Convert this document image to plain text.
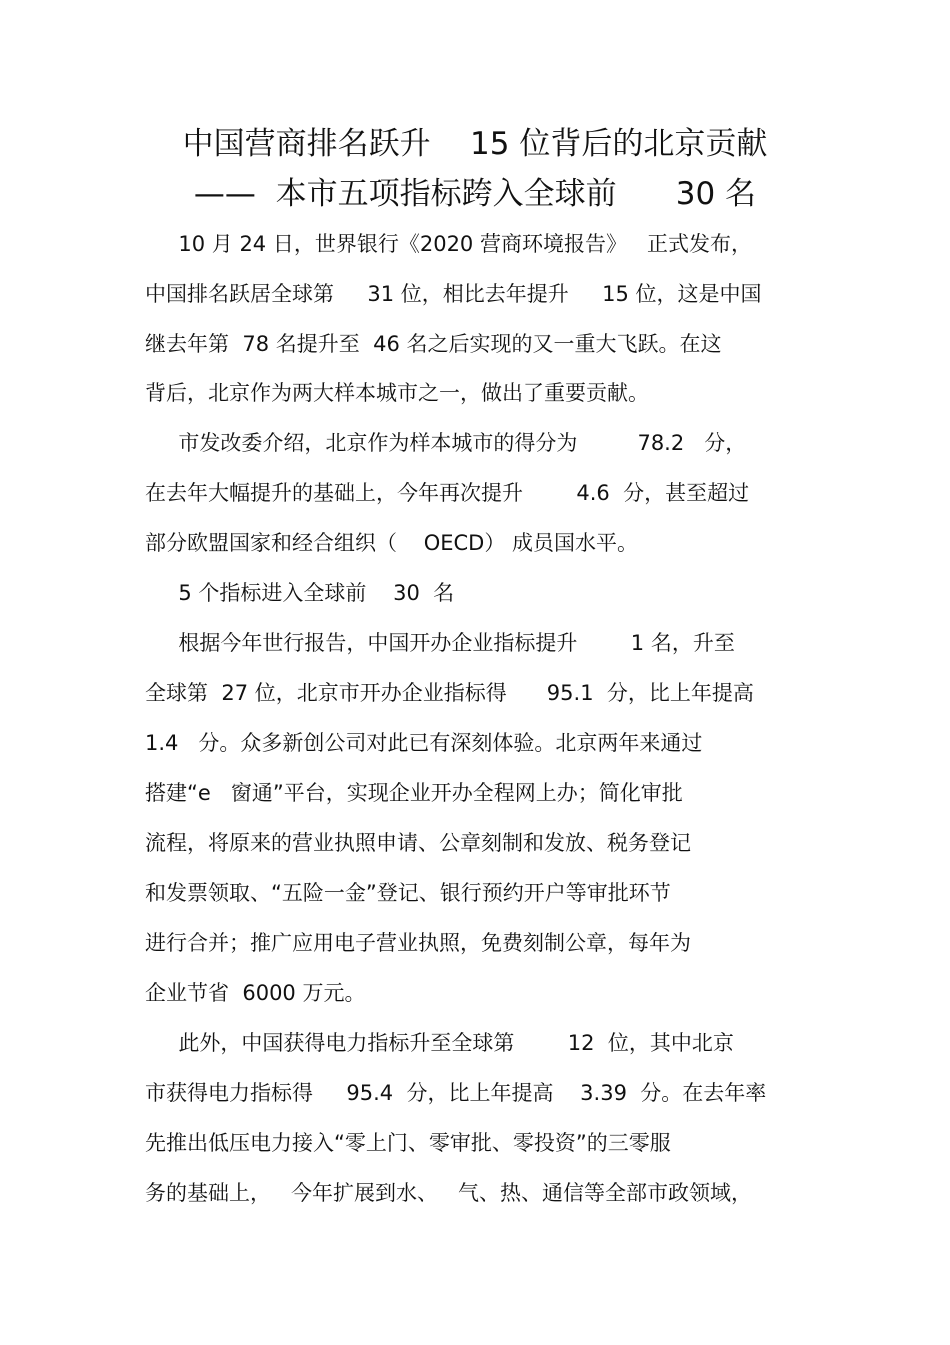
中国营商排名跃升    15 位背后的北京贡献
——  本市五项指标跨入全球前      30 名
10 月 24 日，世界银行《2020 营商环境报告》   正式发布，
中国排名跃居全球第     31 位，相比去年提升     15 位，这是中国
继去年第  78 名提升至  46 名之后实现的又一重大飞跃。在这
背后，北京作为两大样本城市之一，做出了重要贡献。
市发改委介绍，北京作为样本城市的得分为         78.2   分，
在去年大幅提升的基础上，今年再次提升        4.6  分，甚至超过
部分欧盟国家和经合组织（    OECD） 成员国水平。
5 个指标进入全球前    30  名
根据今年世行报告，中国开办企业指标提升        1 名，升至
全球第  27 位，北京市开办企业指标得      95.1  分，比上年提高
1.4   分。众多新创公司对此已有深刻体验。北京两年来通过
搭建“e   窗通”平台，实现企业开办全程网上办；简化审批
流程，将原来的营业执照申请、公章刻制和发放、税务登记
和发票领取、“五险一金”登记、银行预约开户等审批环节
进行合并；推广应用电子营业执照，免费刻制公章，每年为
企业节省  6000 万元。
此外，中国获得电力指标升至全球第        12  位，其中北京
市获得电力指标得     95.4  分，比上年提高    3.39  分。在去年率
先推出低压电力接入“零上门、零审批、零投资”的三零服
务的基础上，   今年扩展到水、   气、热、通信等全部市政领域，
